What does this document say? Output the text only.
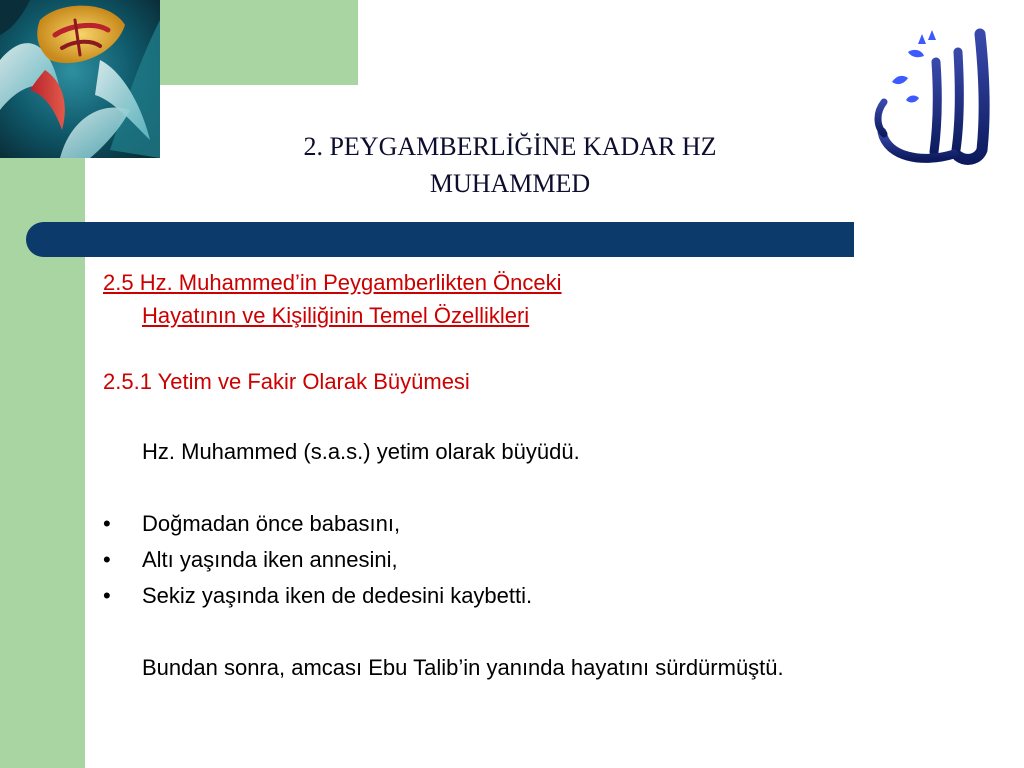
2. PEYGAMBERLİĞİNE KADAR HZ
MUHAMMED
2.5 Hz. Muhammed’in Peygamberlikten Önceki
Hayatının ve Kişiliğinin Temel Özellikleri
2.5.1 Yetim ve Fakir Olarak Büyümesi
Hz. Muhammed (s.a.s.) yetim olarak büyüdü.
• Doğmadan önce babasını,
• Altı yaşında iken annesini,
• Sekiz yaşında iken de dedesini kaybetti.
Bundan sonra, amcası Ebu Talib’in yanında hayatını sürdürmüştü.
